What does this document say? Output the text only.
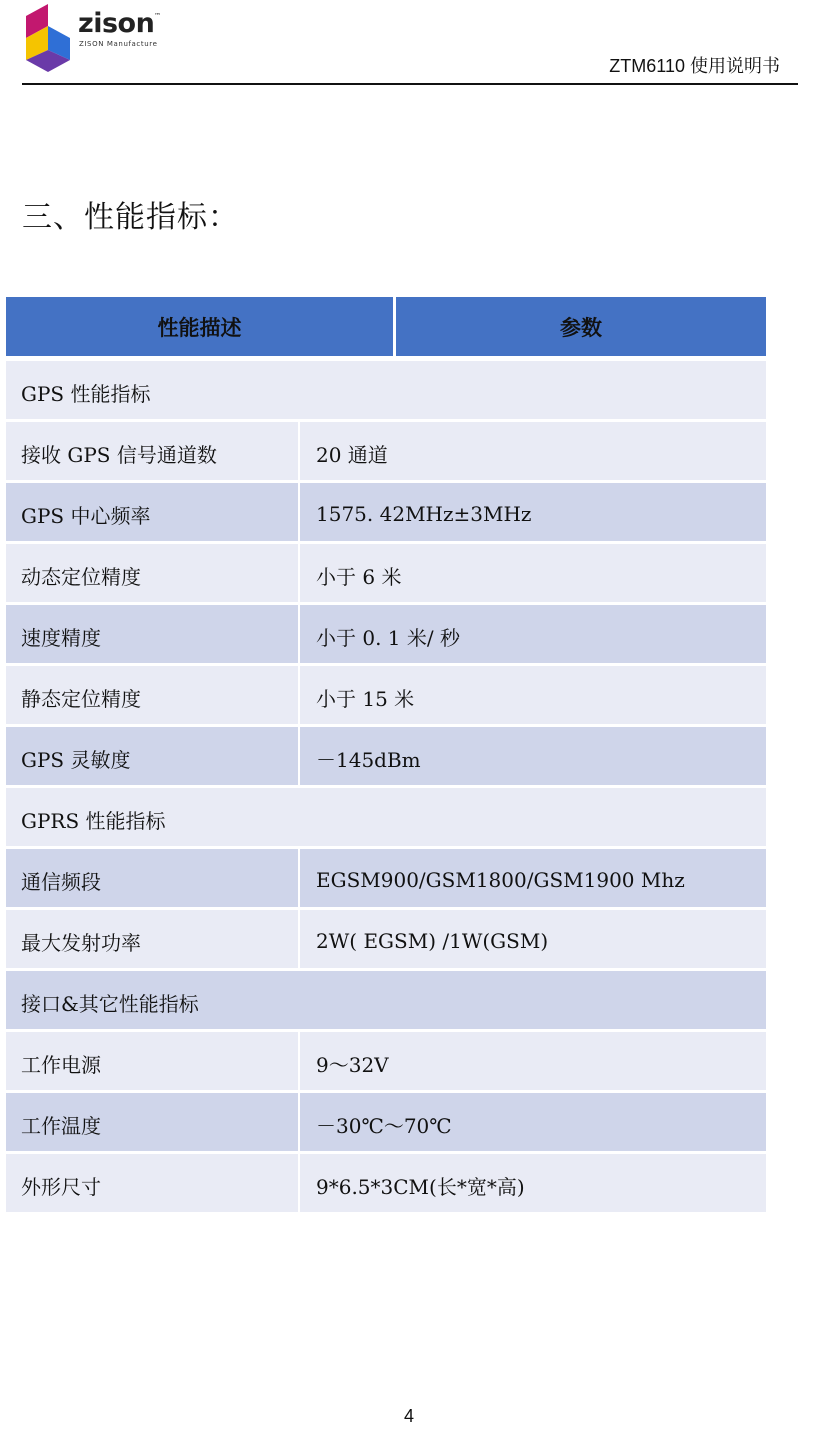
zison ™
ZISON Manufacture
ZTM6110 使用说明书
三、性能指标：
性能描述	参数
GPS 性能指标
接收 GPS 信号通道数	20 通道
GPS 中心频率	1575. 42MHz±3MHz
动态定位精度	小于 6 米
速度精度	小于 0. 1 米/ 秒
静态定位精度	小于 15 米
GPS 灵敏度	－145dBm
GPRS 性能指标
通信频段	EGSM900/GSM1800/GSM1900 Mhz
最大发射功率	2W( EGSM) /1W(GSM)
接口&其它性能指标
工作电源	9～32V
工作温度	－30℃～70℃
外形尺寸	9*6.5*3CM(长*宽*高)
4
